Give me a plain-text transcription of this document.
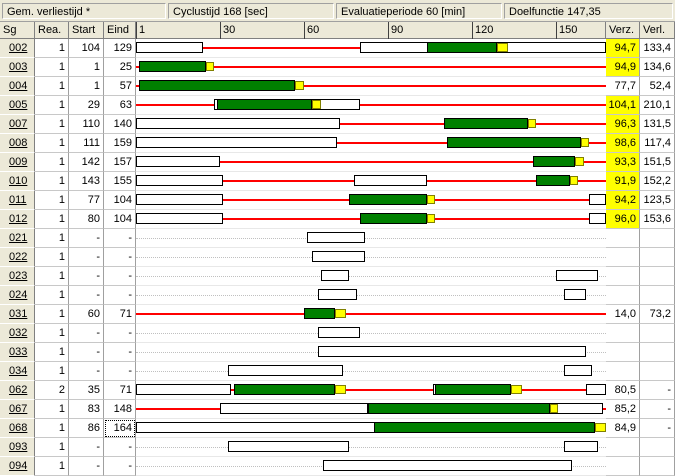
Gem. verliestijd *	Cyclustijd 168 [sec]	Evaluatieperiode 60 [min]	Doelfunctie 147,35
Sg	Rea. Start	Eind 1	30	60	90	120	150	Verz. Verl.
002	1	104	129	94,7 133,4
003	1	1	25	94,9 134,6
004	1	1	57	77,7	52,4
005	1	29	63	104,1 210,1
007	1	110	140	96,3 131,5
008	1	111	159	98,6 117,4
009	1	142	157	93,3 151,5
010	1	143	155	91,9 152,2
011	1	77	104	94,2 123,5
012	1	80	104	96,0 153,6
021	1	-	-
022	1	-	-
023	1	-	-
024	1	-	-
031	1	60	71	14,0	73,2
032	1	-	-
033	1	-	-
034	1	-	-
062	2	35	71	80,5	-
067	1	83	148	85,2	-
068	1	86	164	84,9	-
093	1	-	-
094	1	-	-
